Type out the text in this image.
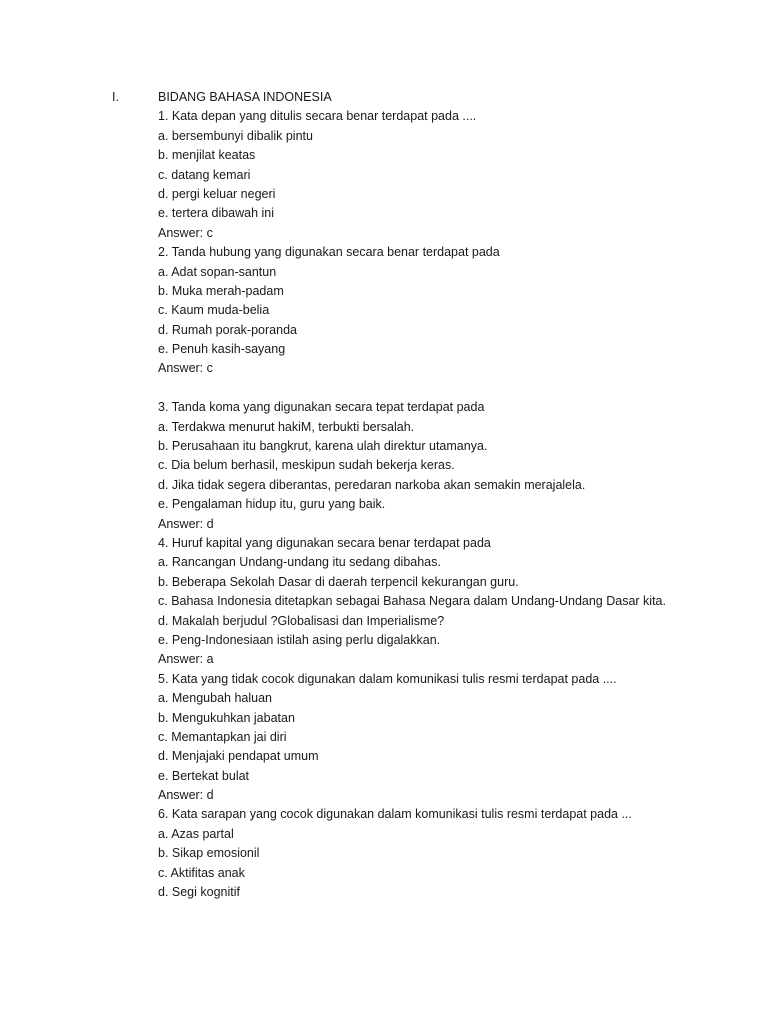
I.	BIDANG BAHASA INDONESIA
1. Kata depan yang ditulis secara benar terdapat pada ....
a. bersembunyi dibalik pintu
b. menjilat keatas
c. datang kemari
d. pergi keluar negeri
e. tertera dibawah ini
Answer: c
2. Tanda hubung yang digunakan secara benar terdapat pada
a. Adat sopan-santun
b. Muka merah-padam
c. Kaum muda-belia
d. Rumah porak-poranda
e. Penuh kasih-sayang
Answer: c
3. Tanda koma yang digunakan secara tepat terdapat pada
a. Terdakwa menurut hakiM, terbukti bersalah.
b. Perusahaan itu bangkrut, karena ulah direktur utamanya.
c. Dia belum berhasil, meskipun sudah bekerja keras.
d. Jika tidak segera diberantas, peredaran narkoba akan semakin merajalela.
e. Pengalaman hidup itu, guru yang baik.
Answer: d
4. Huruf kapital yang digunakan secara benar terdapat pada
a. Rancangan Undang-undang itu sedang dibahas.
b. Beberapa Sekolah Dasar di daerah terpencil kekurangan guru.
c. Bahasa Indonesia ditetapkan sebagai Bahasa Negara dalam Undang-Undang Dasar kita.
d. Makalah berjudul ?Globalisasi dan Imperialisme?
e. Peng-Indonesiaan istilah asing perlu digalakkan.
Answer: a
5. Kata yang tidak cocok digunakan dalam komunikasi tulis resmi terdapat pada ....
a. Mengubah haluan
b. Mengukuhkan jabatan
c. Memantapkan jai diri
d. Menjajaki pendapat umum
e. Bertekat bulat
Answer: d
6. Kata sarapan yang cocok digunakan dalam komunikasi tulis resmi terdapat pada ...
a. Azas partal
b. Sikap emosionil
c. Aktifitas anak
d. Segi kognitif
